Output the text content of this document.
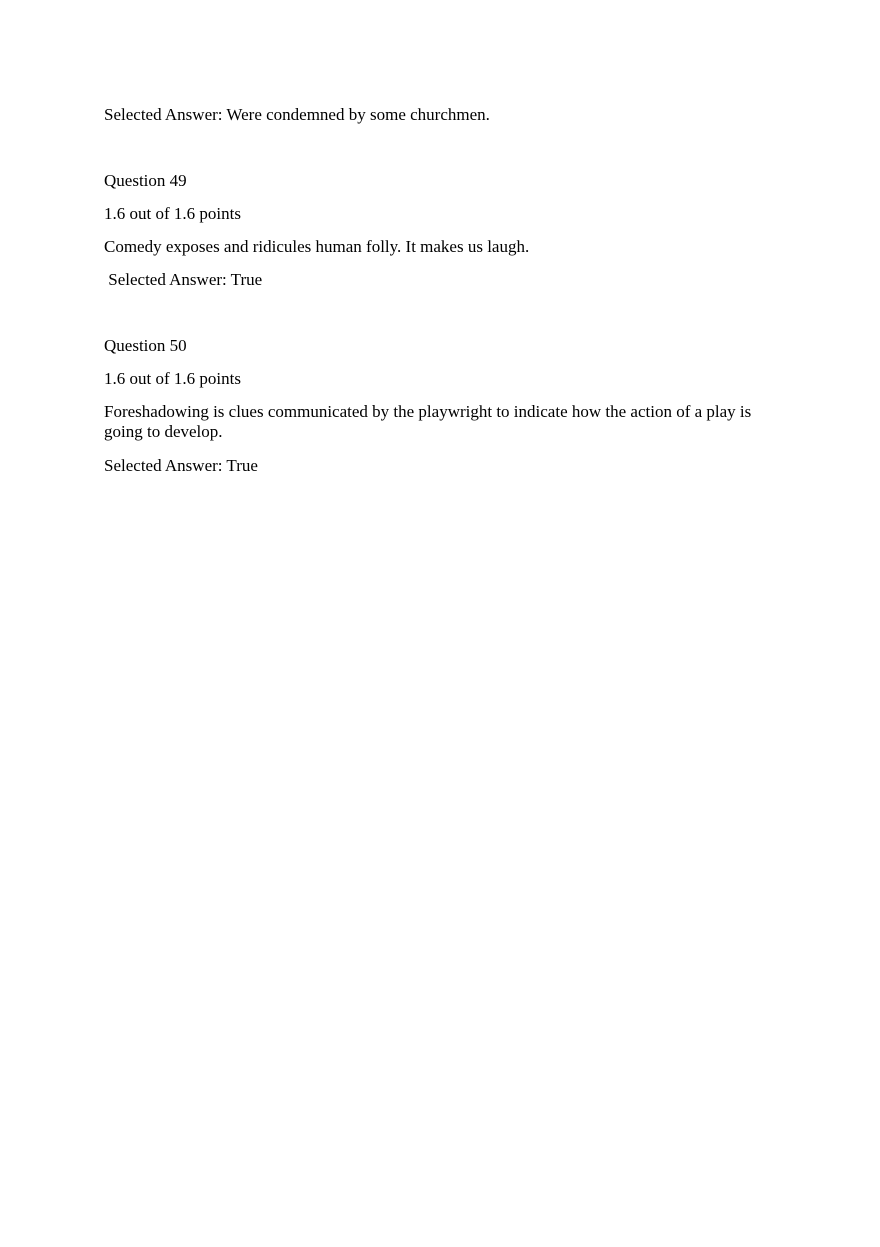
Selected Answer: Were condemned by some churchmen.

Question 49

1.6 out of 1.6 points

Comedy exposes and ridicules human folly. It makes us laugh.

Selected Answer: True

Question 50

1.6 out of 1.6 points

Foreshadowing is clues communicated by the playwright to indicate how the action of a play is going to develop.

Selected Answer: True
